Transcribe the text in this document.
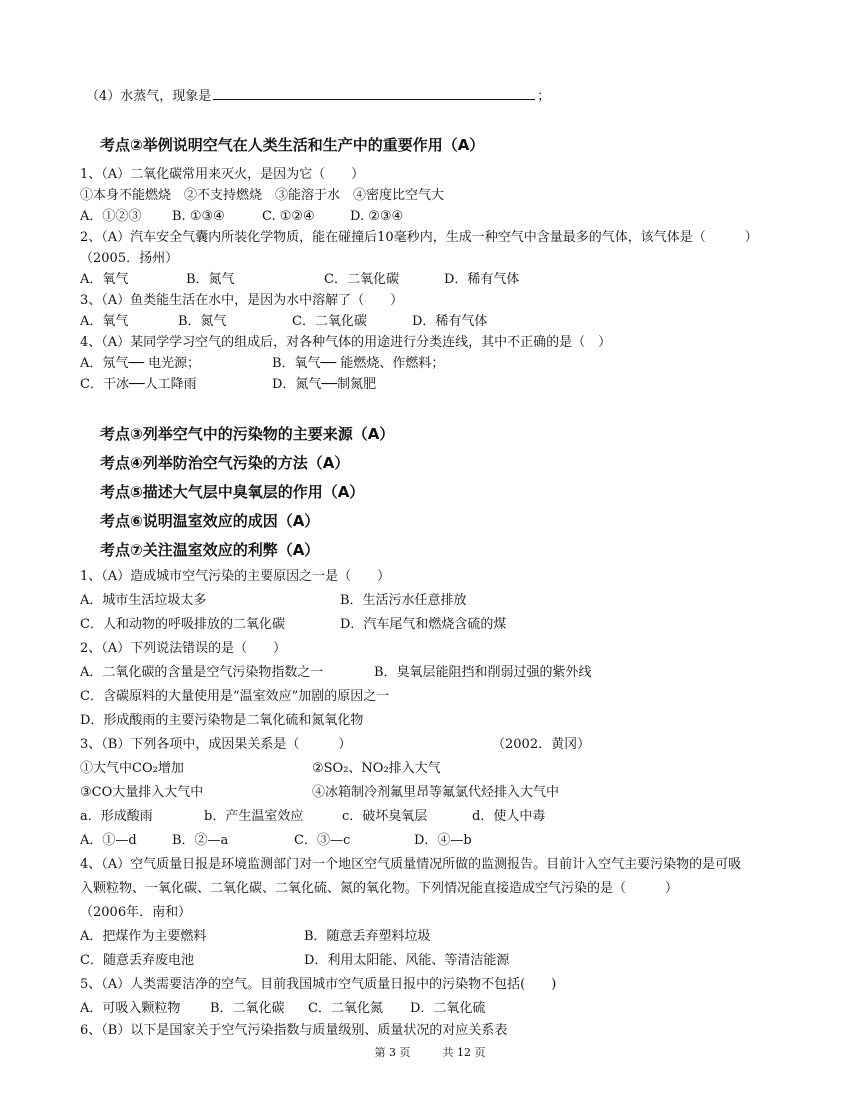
（4）水蒸气，现象是	；
考点②举例说明空气在人类生活和生产中的重要作用（A）
1、（A）二氧化碳常用来灭火，是因为它（　　）
①本身不能燃烧　②不支持燃烧　③能溶于水　④密度比空气大
A．①②③ B. ①③④	C. ①②④	D. ②③④
2、（A）汽车安全气囊内所装化学物质，能在碰撞后10毫秒内，生成一种空气中含量最多的气体，该气体是（　　　）
（2005．扬州）
A．氧气	B．氮气	C．二氧化碳	D．稀有气体
3、（A）鱼类能生活在水中，是因为水中溶解了（　　）
A．氧气	B．氮气	C．二氧化碳	D．稀有气体
4、（A）某同学学习空气的组成后，对各种气体的用途进行分类连线，其中不正确的是（　）
A．氖气── 电光源；	B．氧气── 能燃烧、作燃料；
C．干冰──人工降雨	D．氮气──制氮肥
考点③列举空气中的污染物的主要来源（A）
考点④列举防治空气污染的方法（A）
考点⑤描述大气层中臭氧层的作用（A）
考点⑥说明温室效应的成因（A）
考点⑦关注温室效应的利弊（A）
1、（A）造成城市空气污染的主要原因之一是（　　）
A．城市生活垃圾太多	B．生活污水任意排放
C．人和动物的呼吸排放的二氧化碳	D．汽车尾气和燃烧含硫的煤
2、（A）下列说法错误的是（　　）
A．二氧化碳的含量是空气污染物指数之一	B．臭氧层能阻挡和削弱过强的紫外线
C．含碳原料的大量使用是“温室效应”加剧的原因之一
D．形成酸雨的主要污染物是二氧化硫和氮氧化物
3、（B）下列各项中，成因果关系是（　　　）	（2002．黄冈）
①大气中CO₂增加	②SO₂、NO₂排入大气
③CO大量排入大气中	④冰箱制冷剂氟里昂等氟氯代烃排入大气中
a．形成酸雨	b．产生温室效应	c．破坏臭氧层	d．使人中毒
A．①—d	B．②—a	C．③—c	D．④—b
4、（A）空气质量日报是环境监测部门对一个地区空气质量情况所做的监测报告。目前计入空气主要污染物的是可吸
入颗粒物、一氧化碳、二氧化碳、二氧化硫、氮的氧化物。下列情况能直接造成空气污染的是（　　　）
（2006年．南和）
A．把煤作为主要燃料	B．随意丢弃塑料垃圾
C．随意丢弃废电池	D．利用太阳能、风能、等清洁能源
5、（A）人类需要洁净的空气。目前我国城市空气质量日报中的污染物不包括(　　)
A．可吸入颗粒物 B．二氧化碳 C．二氧化氮 D．二氧化硫
6、（B）以下是国家关于空气污染指数与质量级别、质量状况的对应关系表
第 3 页	共 12 页
